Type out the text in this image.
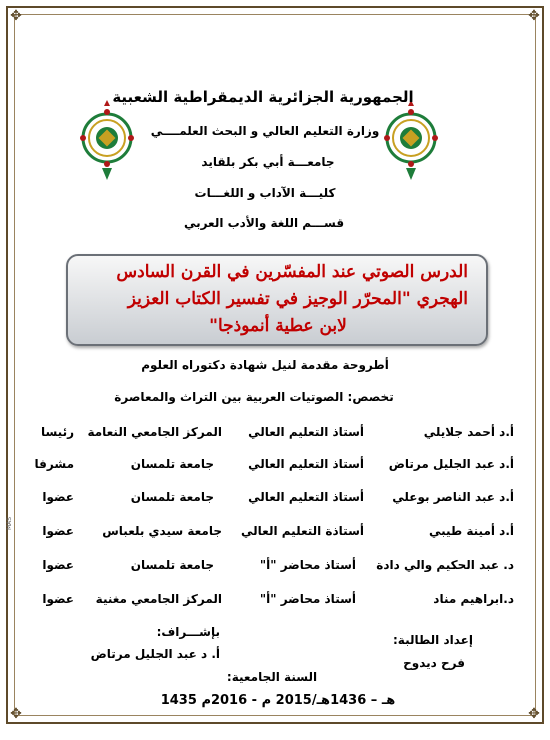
✥	✥
✥	✥
الجمهورية الجزائرية الديمقراطية الشعبية
وزارة التعليم العالي و البحث العلمــــي
جامعـــة أبي بكر بلقايد
كليـــة الآداب و اللغـــات
قســـم اللغة والأدب العربي
الدرس الصوتي عند المفسّرين في القرن السادس
الهجري "المحرّر الوجيز في تفسير الكتاب العزيز
لابن عطية أنموذجا"
أطروحة مقدمة لنيل شهادة دكتوراه العلوم
تخصص: الصوتيات العربية بين التراث والمعاصرة
أ.د أحمد جلايلي
أستاذ التعليم العالي
المركز الجامعي النعامة
رئيسا
أ.د عبد الجليل مرتاض
أستاذ التعليم العالي
جامعة تلمسان
مشرفا
أ.د عبد الناصر بوعلي
أستاذ التعليم العالي
جامعة تلمسان
عضوا
أ.د أمينة طيبي
أستاذة التعليم العالي
جامعة سيدي بلعباس
عضوا
د. عبد الحكيم والي دادة
أستاذ محاضر "أ"
جامعة تلمسان
عضوا
د.ابراهيم مناد
أستاذ محاضر "أ"
المركز الجامعي مغنية
عضوا
إعداد الطالبة:
فرح ديدوح
بإشـــراف:
أ. د عبد الجليل مرتاض
السنة الجامعية:
1435 هـ – 1436هـ/2015 م - 2016م
MAS
